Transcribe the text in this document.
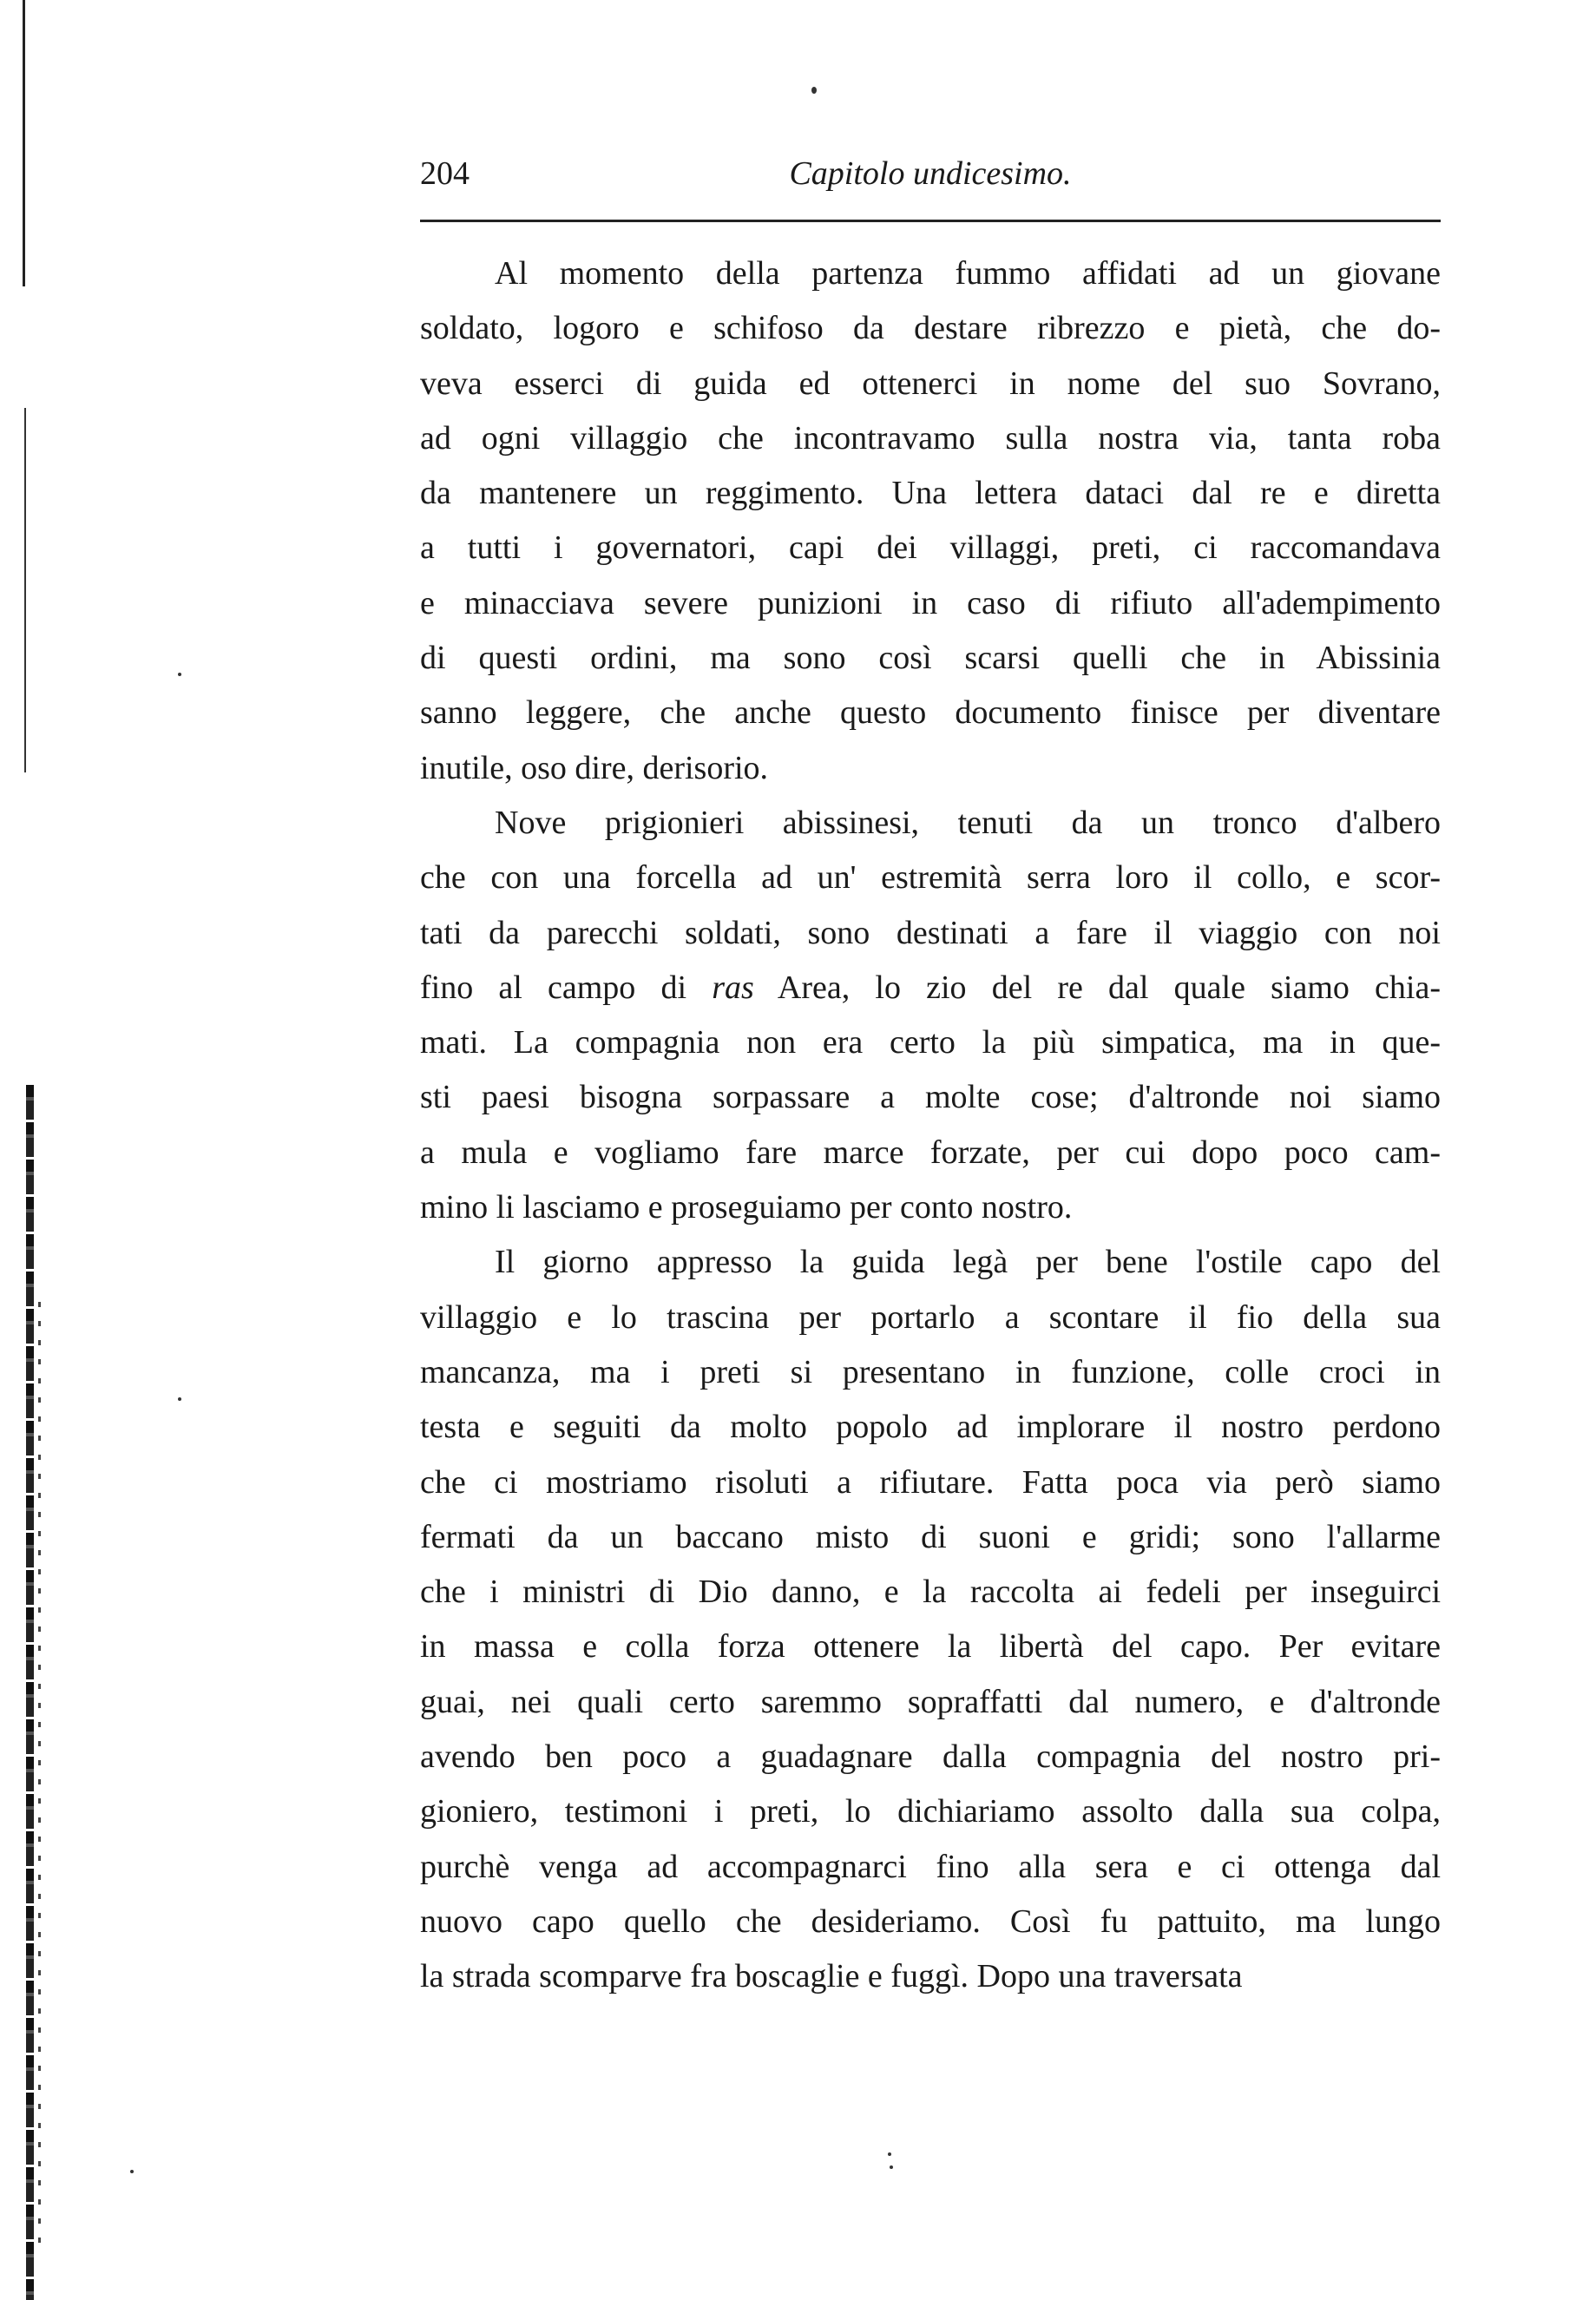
204	Capitolo undicesimo.
Al momento della partenza fummo affidati ad un giovane
soldato, logoro e schifoso da destare ribrezzo e pietà, che do-
veva esserci di guida ed ottenerci in nome del suo Sovrano,
ad ogni villaggio che incontravamo sulla nostra via, tanta roba
da mantenere un reggimento. Una lettera dataci dal re e diretta
a tutti i governatori, capi dei villaggi, preti, ci raccomandava
e minacciava severe punizioni in caso di rifiuto all'adempimento
di questi ordini, ma sono così scarsi quelli che in Abissinia
sanno leggere, che anche questo documento finisce per diventare
inutile, oso dire, derisorio.
Nove prigionieri abissinesi, tenuti da un tronco d'albero
che con una forcella ad un' estremità serra loro il collo, e scor-
tati da parecchi soldati, sono destinati a fare il viaggio con noi
fino al campo di ras Area, lo zio del re dal quale siamo chia-
mati. La compagnia non era certo la più simpatica, ma in que-
sti paesi bisogna sorpassare a molte cose; d'altronde noi siamo
a mula e vogliamo fare marce forzate, per cui dopo poco cam-
mino li lasciamo e proseguiamo per conto nostro.
Il giorno appresso la guida legà per bene l'ostile capo del
villaggio e lo trascina per portarlo a scontare il fio della sua
mancanza, ma i preti si presentano in funzione, colle croci in
testa e seguiti da molto popolo ad implorare il nostro perdono
che ci mostriamo risoluti a rifiutare. Fatta poca via però siamo
fermati da un baccano misto di suoni e gridi; sono l'allarme
che i ministri di Dio danno, e la raccolta ai fedeli per inseguirci
in massa e colla forza ottenere la libertà del capo. Per evitare
guai, nei quali certo saremmo sopraffatti dal numero, e d'altronde
avendo ben poco a guadagnare dalla compagnia del nostro pri-
gioniero, testimoni i preti, lo dichiariamo assolto dalla sua colpa,
purchè venga ad accompagnarci fino alla sera e ci ottenga dal
nuovo capo quello che desideriamo. Così fu pattuito, ma lungo
la strada scomparve fra boscaglie e fuggì. Dopo una traversata
